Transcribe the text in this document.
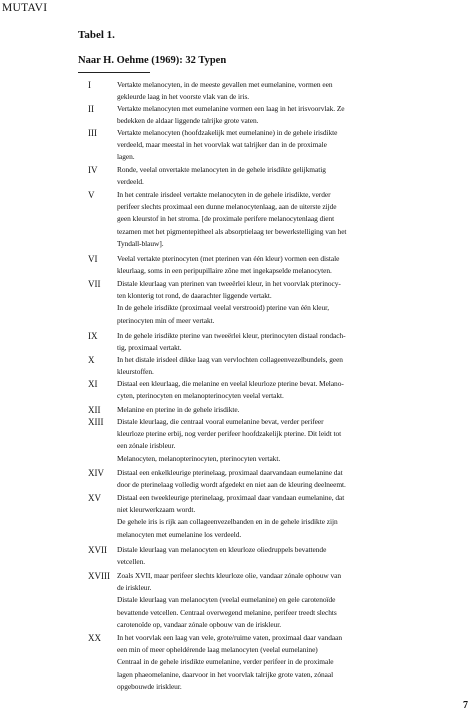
MUTAVI
Tabel 1.
Naar H. Oehme (1969): 32 Typen
I	Vertakte melanocyten, in de meeste gevallen met eumelanine, vormen een

gekleurde laag in het voorste vlak van de iris.

II	Vertakte melanocyten met eumelanine vormen een laag in het irisvoorvlak. Ze

bedekken de aldaar liggende talrijke grote vaten.

III	Vertakte melanocyten (hoofdzakelijk met eumelanine) in de gehele irisdikte

verdeeld, maar meestal in het voorvlak wat talrijker dan in de proximale

lagen.

IV	Ronde, veelal onvertakte melanocyten in de gehele irisdikte gelijkmatig

verdeeld.

V	In het centrale irisdeel vertakte melanocyten in de gehele irisdikte, verder

perifeer slechts proximaal een dunne melanocytenlaag, aan de uiterste zijde

geen kleurstof in het stroma. [de proximale perifere melanocytenlaag dient

tezamen met het pigmentepitheel als absorptielaag ter bewerkstelliging van het

Tyndall-blauw].

VI	Veelal vertakte pterinocyten (met pterinen van één kleur) vormen een distale

kleurlaag, soms in een peripupillaire zône met ingekapselde melanocyten.

VII Distale kleurlaag van pterinen van tweeërlei kleur, in het voorvlak pterinocy-

ten klonterig tot rond, de daarachter liggende vertakt.

In de gehele irisdikte (proximaal veelal verstrooid) pterine van één kleur,

pterinocyten min of meer vertakt.

IX	In de gehele irisdikte pterine van tweeërlei kleur, pterinocyten distaal rondach-

tig, proximaal vertakt.

X	In het distale irisdeel dikke laag van vervlochten collageenvezelbundels, geen

kleurstoffen.

XI	Distaal een kleurlaag, die melanine en veelal kleurloze pterine bevat. Melano-

cyten, pterinocyten en melanopterinocyten veelal vertakt.

XII Melanine en pterine in de gehele irisdikte.

XIII Distale kleurlaag, die centraal vooral eumelanine bevat, verder perifeer

kleurloze pterine erbij, nog verder perifeer hoofdzakelijk pterine. Dit leidt tot

een zónale irisbleur.

Melanocyten, melanopterinocyten, pterinocyten vertakt.

XIV Distaal een enkelkleurige pterinelaag, proximaal daarvandaan eumelanine dat

door de pterinelaag volledig wordt afgedekt en niet aan de kleuring deelneemt.

XV Distaal een tweekleurige pterinelaag, proximaal daar vandaan eumelanine, dat

niet kleurwerkzaam wordt.

De gehele iris is rijk aan collageenvezelbanden en in de gehele irisdikte zijn

melanocyten met eumelanine los verdeeld.

XVII Distale kleurlaag van melanocyten en kleurloze oliedruppels bevattende

vetcellen.

XVIII Zoals XVII, maar perifeer slechts kleurloze olie, vandaar zónale ophouw van

de iriskleur.

Distale kleurlaag van melanocyten (veelal eumelanine) en gele carotenoïde

bevattende vetcellen. Centraal overwegend melanine, perifeer treedt slechts

carotenoïde op, vandaar zónale opbouw van de iriskleur.

XX In het voorvlak een laag van vele, grote/ruime vaten, proximaal daar vandaan

een min of meer opheldérende laag melanocyten (veelal eumelanine)

Centraal in de gehele irisdikte eumelanine, verder perifeer in de proximale

lagen phaeomelanine, daarvoor in het voorvlak talrijke grote vaten, zónaal

opgebouwde iriskleur.

7
